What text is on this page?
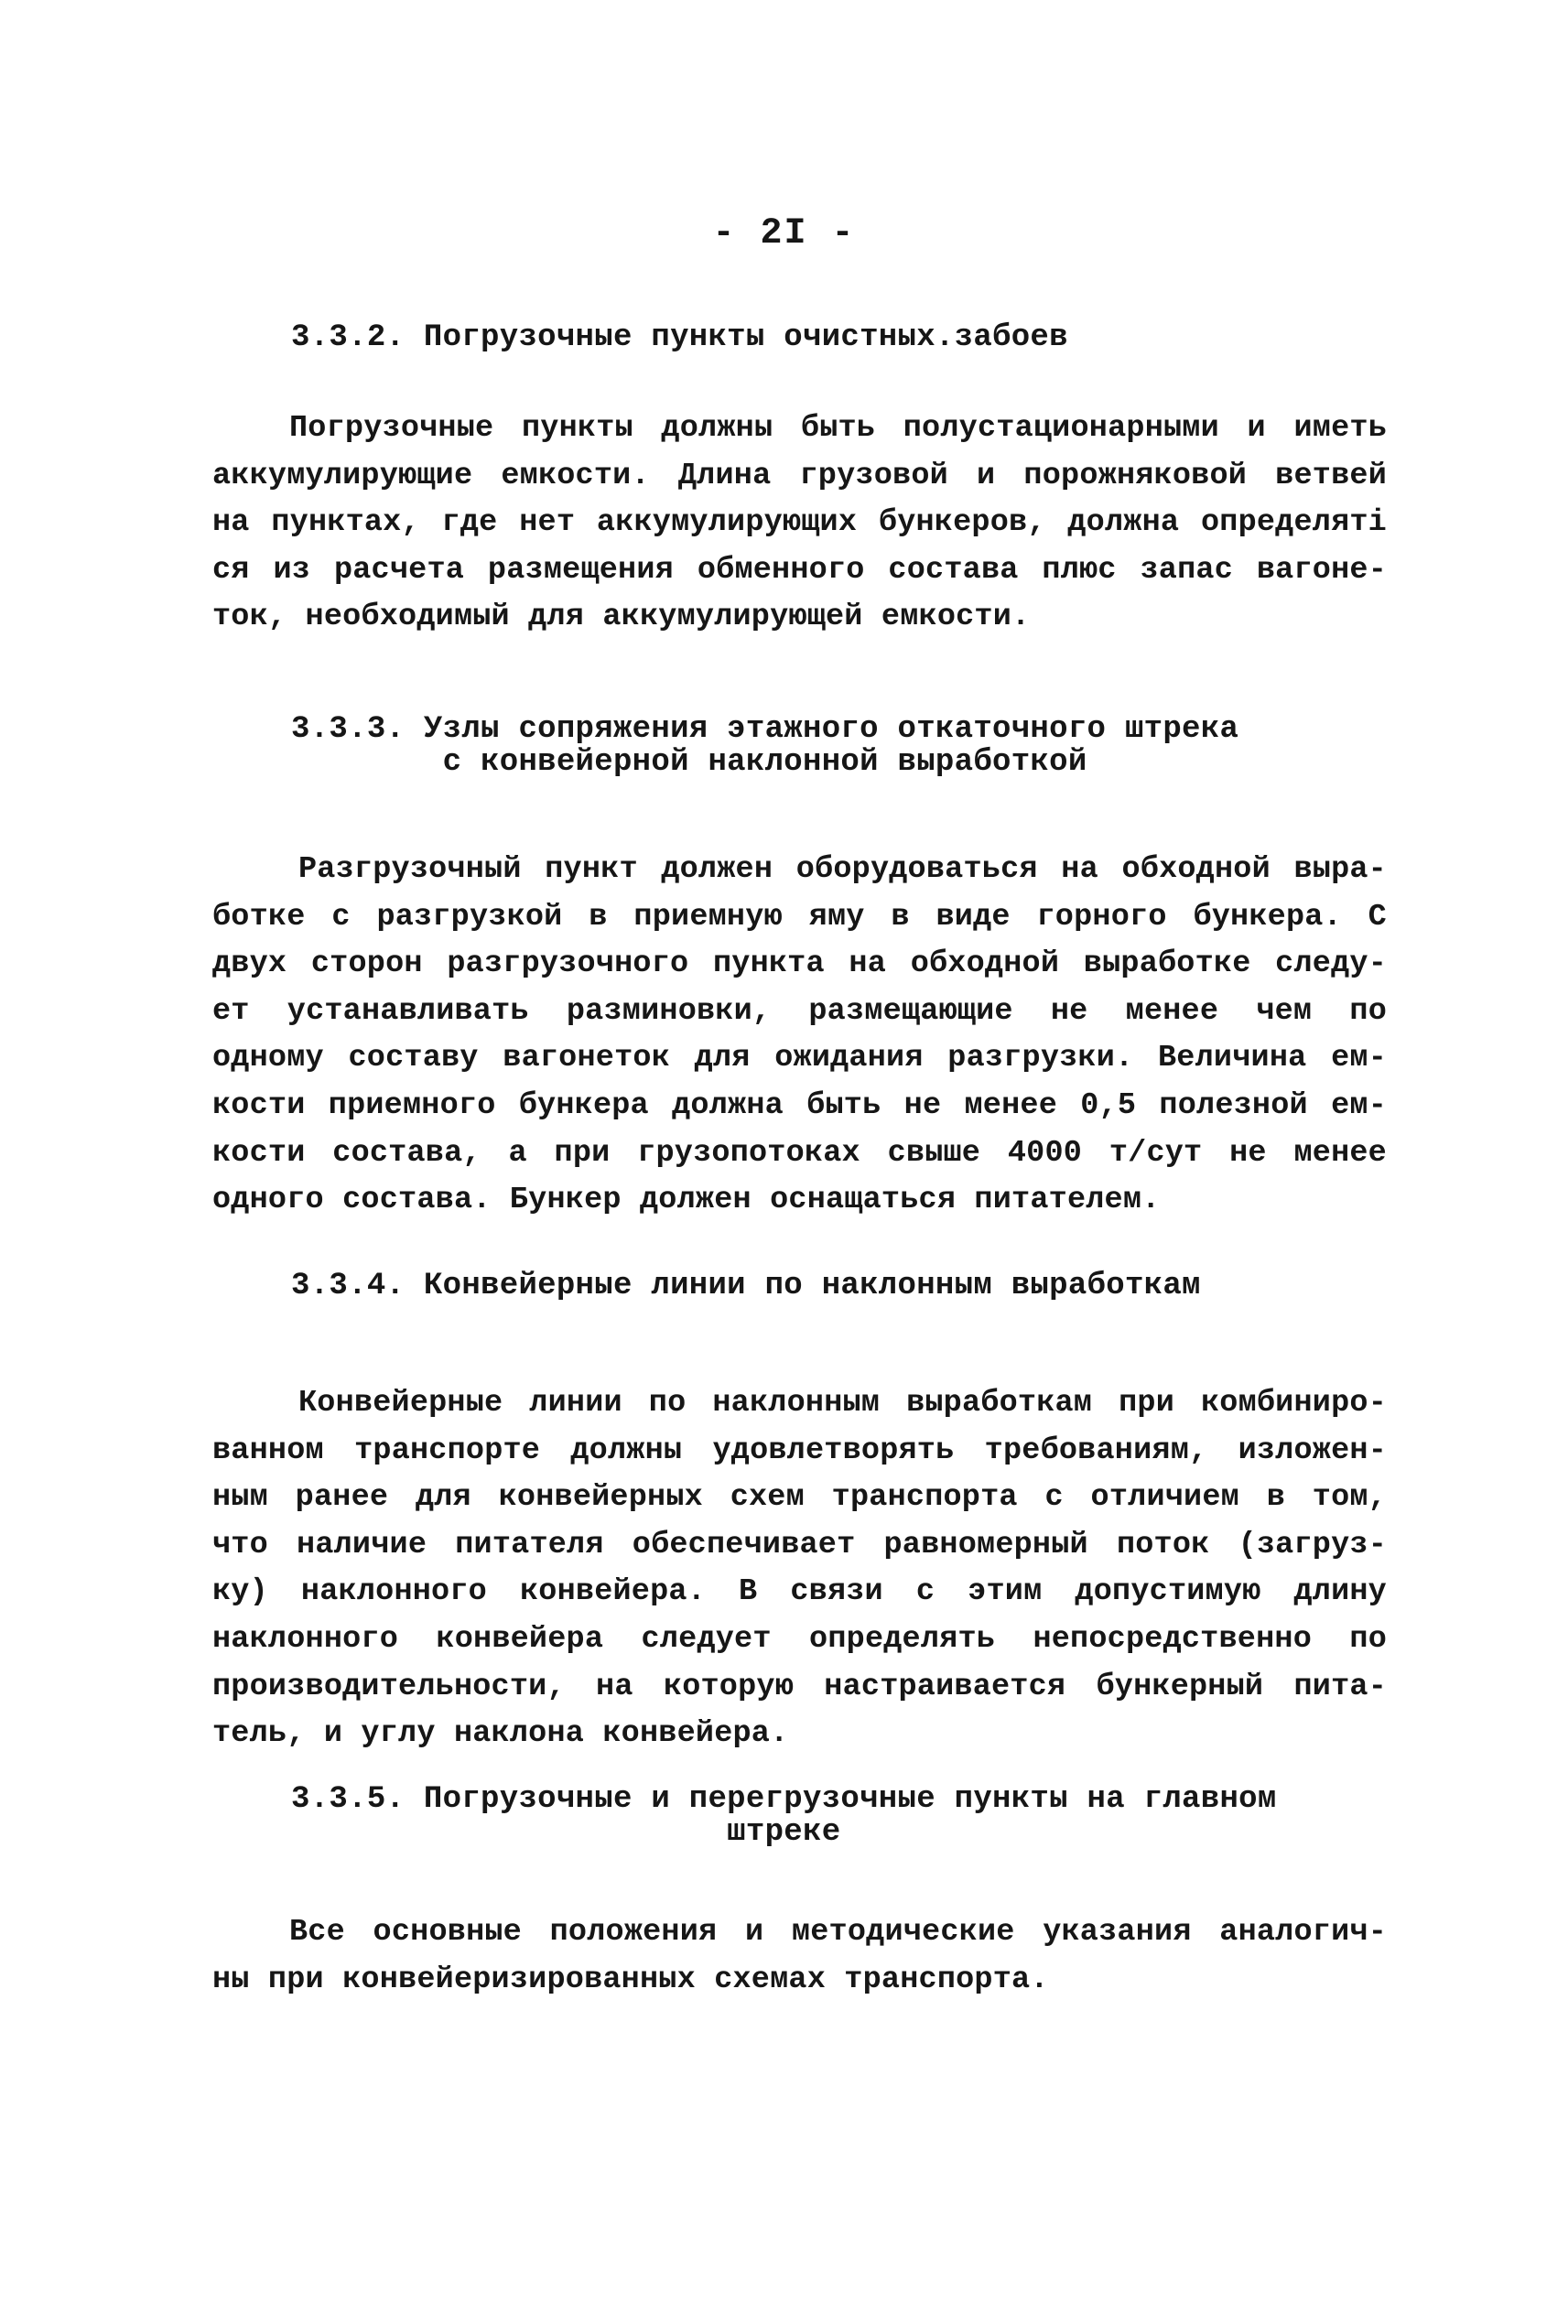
- 2I -
3.3.2. Погрузочные пункты очистных.забоев
Погрузочные пункты должны быть полустационарными и иметь
аккумулирующие емкости. Длина грузовой и порожняковой ветвей
на пунктах, где нет аккумулирующих бункеров, должна определятi
ся из расчета размещения обменного состава плюс запас вагоне-
ток, необходимый для аккумулирующей емкости.
3.3.3. Узлы сопряжения этажного откаточного штрека
с конвейерной наклонной выработкой
Разгрузочный пункт должен оборудоваться на обходной выра-
ботке с разгрузкой в приемную яму в виде горного бункера. С
двух сторон разгрузочного пункта на обходной выработке следу-
ет устанавливать разминовки, размещающие не менее чем по
одному составу вагонеток для ожидания разгрузки. Величина ем-
кости приемного бункера должна быть не менее 0,5 полезной ем-
кости состава, а при грузопотоках свыше 4000 т/сут не менее
одного состава. Бункер должен оснащаться питателем.
3.3.4. Конвейерные линии по наклонным выработкам
Конвейерные линии по наклонным выработкам при комбиниро-
ванном транспорте должны удовлетворять требованиям, изложен-
ным ранее для конвейерных схем транспорта с отличием в том,
что наличие питателя обеспечивает равномерный поток (загруз-
ку) наклонного конвейера. В связи с этим допустимую длину
наклонного конвейера следует определять непосредственно по
производительности, на которую настраивается бункерный пита-
тель, и углу наклона конвейера.
3.3.5. Погрузочные и перегрузочные пункты на главном
штреке
Все основные положения и методические указания аналогич-
ны при конвейеризированных схемах транспорта.
